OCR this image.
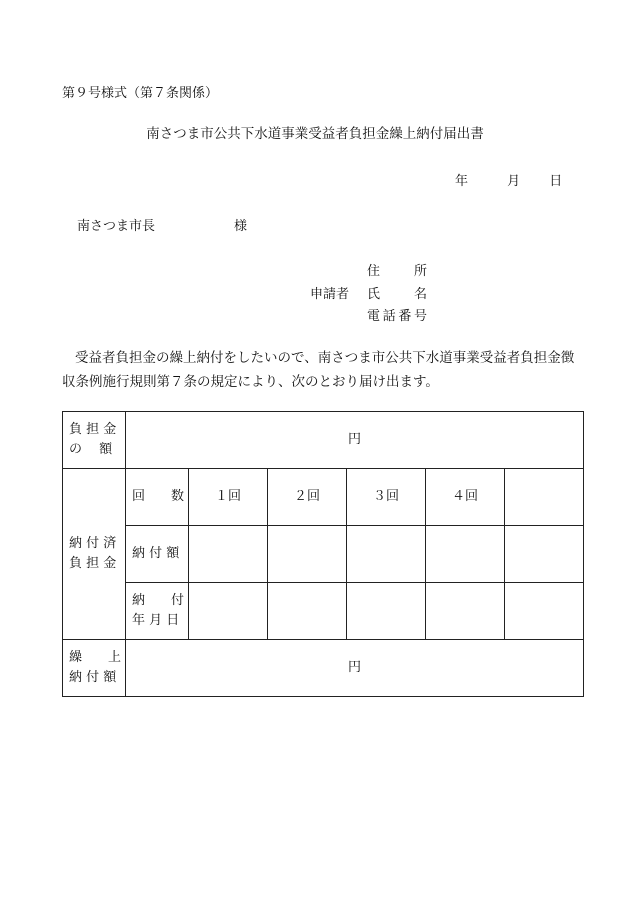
第９号様式（第７条関係）
南さつま市公共下水道事業受益者負担金繰上納付届出書
年	月 日
南さつま市長	様
住　　所
申請者 氏　　名
電話番号
受益者負担金の繰上納付をしたいので、南さつま市公共下水道事業受益者負担金徴収条例施行規則第７条の規定により、次のとおり届け出ます。
負 担 金
の　 額	円					

納 付 済
負 担 金	回　　数	１回	２回	３回	４回	
	納 付 額					

	納　　付
年 月 日					

繰　　上
納 付 額	円					
